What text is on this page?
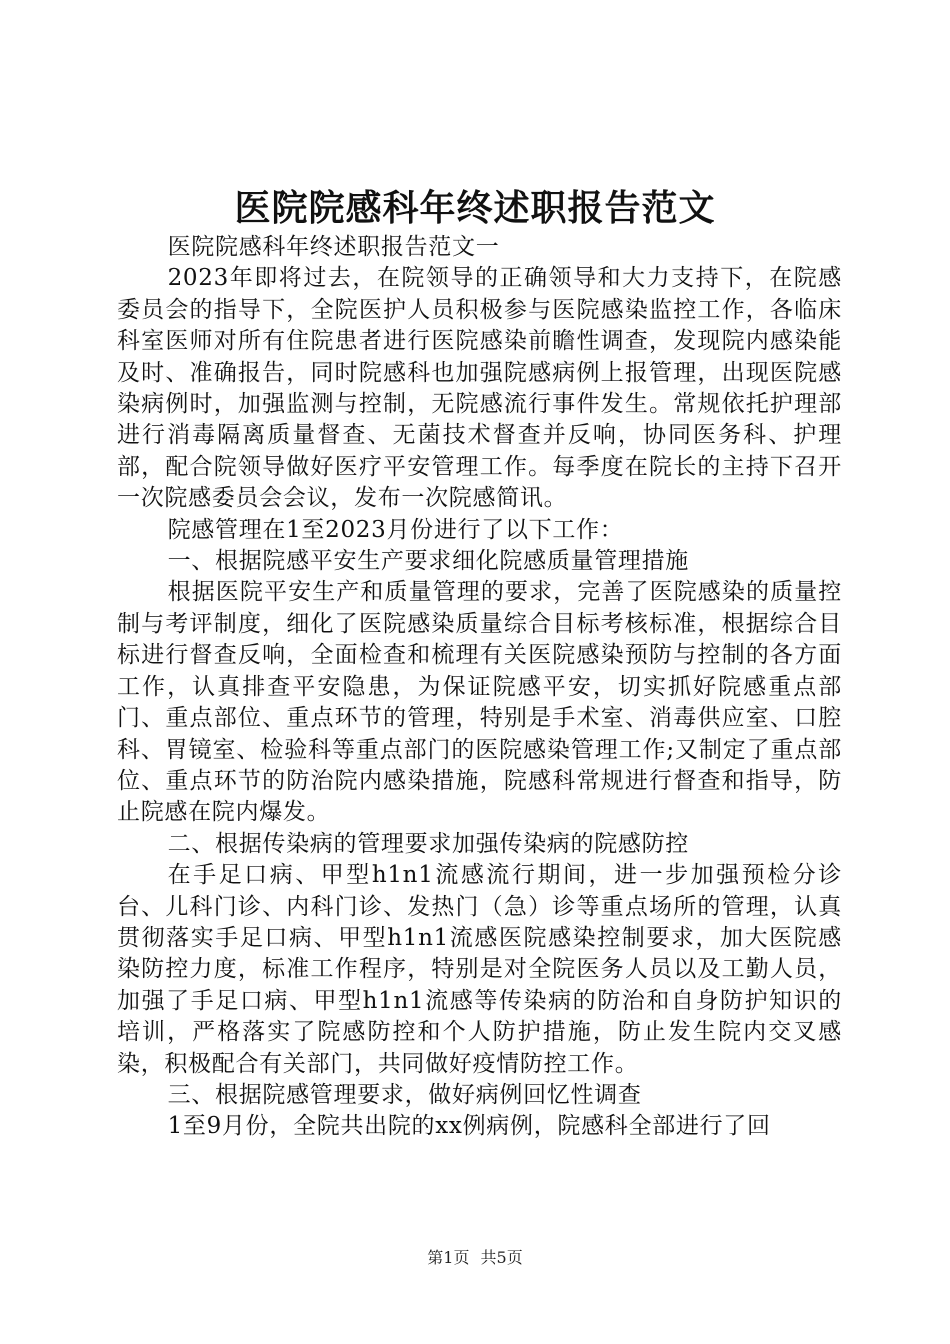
医院院感科年终述职报告范文

医院院感科年终述职报告范文一

2023年即将过去，在院领导的正确领导和大力支持下，在院感委员会的指导下，全院医护人员积极参与医院感染监控工作，各临床科室医师对所有住院患者进行医院感染前瞻性调查，发现院内感染能及时、准确报告，同时院感科也加强院感病例上报管理，出现医院感染病例时，加强监测与控制，无院感流行事件发生。常规依托护理部进行消毒隔离质量督查、无菌技术督查并反响，协同医务科、护理部，配合院领导做好医疗平安管理工作。每季度在院长的主持下召开一次院感委员会会议，发布一次院感简讯。

院感管理在1至2023月份进行了以下工作：

一、根据院感平安生产要求细化院感质量管理措施

根据医院平安生产和质量管理的要求，完善了医院感染的质量控制与考评制度，细化了医院感染质量综合目标考核标准，根据综合目标进行督查反响，全面检查和梳理有关医院感染预防与控制的各方面工作，认真排查平安隐患，为保证院感平安，切实抓好院感重点部门、重点部位、重点环节的管理，特别是手术室、消毒供应室、口腔科、胃镜室、检验科等重点部门的医院感染管理工作;又制定了重点部位、重点环节的防治院内感染措施，院感科常规进行督查和指导，防止院感在院内爆发。

二、根据传染病的管理要求加强传染病的院感防控

在手足口病、甲型h1n1流感流行期间，进一步加强预检分诊台、儿科门诊、内科门诊、发热门（急）诊等重点场所的管理，认真贯彻落实手足口病、甲型h1n1流感医院感染控制要求，加大医院感染防控力度，标准工作程序，特别是对全院医务人员以及工勤人员，加强了手足口病、甲型h1n1流感等传染病的防治和自身防护知识的培训，严格落实了院感防控和个人防护措施，防止发生院内交叉感染，积极配合有关部门，共同做好疫情防控工作。

三、根据院感管理要求，做好病例回忆性调查

1至9月份，全院共出院的xx例病例，院感科全部进行了回

第1页 共5页
